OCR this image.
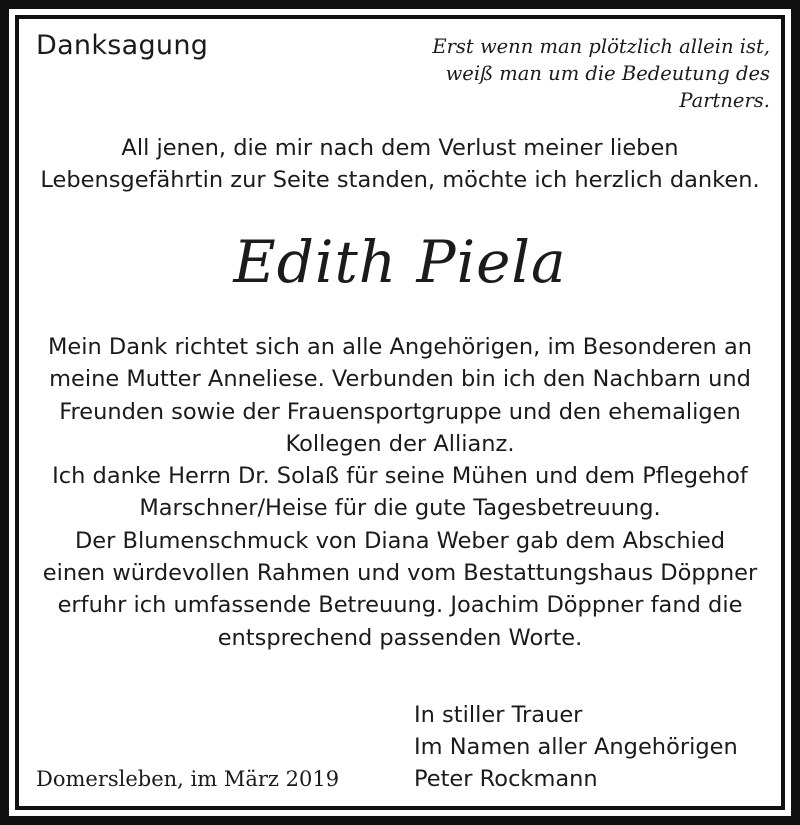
Danksagung	Erst wenn man plötzlich allein ist,
weiß man um die Bedeutung des Partners.
All jenen, die mir nach dem Verlust meiner lieben
Lebensgefährtin zur Seite standen, möchte ich herzlich danken.
Edith Piela
Mein Dank richtet sich an alle Angehörigen, im Besonderen an
meine Mutter Anneliese. Verbunden bin ich den Nachbarn und
Freunden sowie der Frauensportgruppe und den ehemaligen
Kollegen der Allianz.
Ich danke Herrn Dr. Solaß für seine Mühen und dem Pflegehof
Marschner/Heise für die gute Tagesbetreuung.
Der Blumenschmuck von Diana Weber gab dem Abschied
einen würdevollen Rahmen und vom Bestattungshaus Döppner
erfuhr ich umfassende Betreuung. Joachim Döppner fand die
entsprechend passenden Worte.
In stiller Trauer
Im Namen aller Angehörigen
Peter Rockmann
Domersleben, im März 2019
